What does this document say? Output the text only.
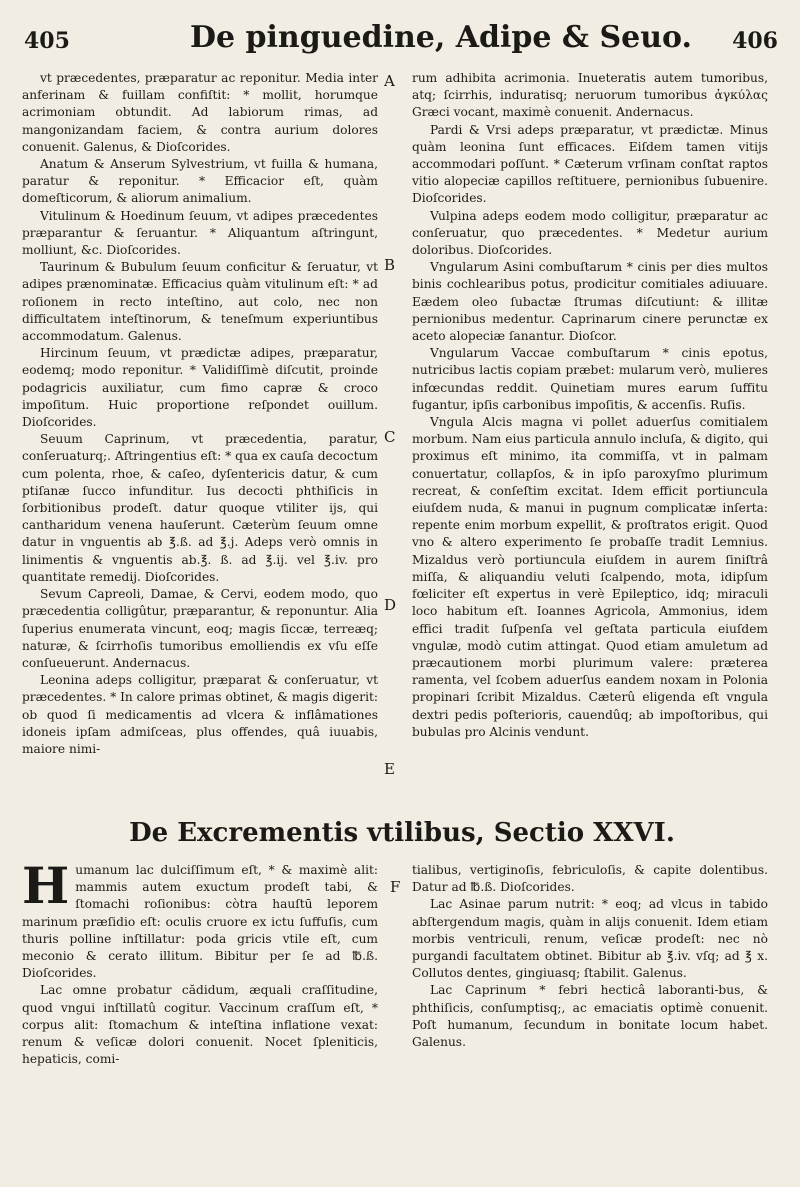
405	De pinguedine, Adipe & Seuo. 406
A
B
C
D
E

vt præcedentes, præparatur ac reponitur. Media inter anferinam & fuillam confiſtit: * mollit, horumque acrimoniam obtundit. Ad labiorum rimas, ad mangonizandam faciem, & contra aurium dolores conuenit. Galenus, & Dioſcorides.

Anatum & Anserum Sylvestrium, vt fuilla & humana, paratur & reponitur. * Efficacior eſt, quàm domeſticorum, & aliorum animalium.

Vitulinum & Hoedinum ſeuum, vt adipes præcedentes præparantur & ſeruantur. * Aliquantum aſtringunt, molliunt, &c. Dioſcorides.

Taurinum & Bubulum ſeuum conficitur & ſeruatur, vt adipes prænominatæ. Efficacius quàm vitulinum eſt: * ad roſionem in recto inteſtino, aut colo, nec non difficultatem inteſtinorum, & teneſmum experiuntibus accommodatum. Galenus.

Hircinum ſeuum, vt prædictæ adipes, præparatur, eodemq; modo reponitur. * Validiſſimè diſcutit, proinde podagricis auxiliatur, cum fimo capræ & croco impoſitum. Huic proportione reſpondet ouillum. Dioſcorides.

Seuum Caprinum, vt præcedentia, paratur, conſeruaturq;. Aſtringentius eſt: * qua ex cauſa decoctum cum polenta, rhoe, & caſeo, dyſentericis datur, & cum ptiſanæ ſucco infunditur. Ius decocti phthiſicis in ſorbitionibus prodeſt. datur quoque vtiliter ijs, qui cantharidum venena hauſerunt. Cæterùm ſeuum omne datur in vnguentis ab ℥.ß. ad ℥.j. Adeps verò omnis in linimentis & vnguentis ab.℥. ß. ad ℥.ij. vel ℥.iv. pro quantitate remedij. Dioſcorides.

Sevum Capreoli, Damae, & Cervi, eodem modo, quo præcedentia colligûtur, præparantur, & reponuntur. Alia ſuperius enumerata vincunt, eoq; magis ſiccæ, terreæq; naturæ, & ſcirrhoſis tumoribus emolliendis ex vſu eſſe conſueuerunt. Andernacus.

Leonina adeps colligitur, præparat & conſeruatur, vt præcedentes. * In calore primas obtinet, & magis digerit: ob quod ſi medicamentis ad vlcera & inflâmationes idoneis ipſam admiſceas, plus offendes, quâ iuuabis, maiore nimi-

rum adhibita acrimonia. Inueteratis autem tumoribus, atq; ſcirrhis, induratisq; neruorum tumoribus ἀγκύλας Græci vocant, maximè conuenit. Andernacus.

Pardi & Vrsi adeps præparatur, vt prædictæ. Minus quàm leonina ſunt efficaces. Eiſdem tamen vitijs accommodari poſſunt. * Cæterum vrſinam conſtat raptos vitio alopeciæ capillos reſtituere, pernionibus ſubuenire. Dioſcorides.

Vulpina adeps eodem modo colligitur, præparatur ac conſeruatur, quo præcedentes. * Medetur aurium doloribus. Dioſcorides.

Vngularum Asini combuſtarum * cinis per dies multos binis cochlearibus potus, prodicitur comitiales adiuuare. Eædem oleo ſubactæ ſtrumas diſcutiunt: & illitæ pernionibus medentur. Caprinarum cinere perunctæ ex aceto alopeciæ ſanantur. Dioſcor.

Vngularum Vaccae combuſtarum * cinis epotus, nutricibus lactis copiam præbet: mularum verò, mulieres infœcundas reddit. Quinetiam mures earum ſuffitu fugantur, ipſis carbonibus impoſitis, & accenſis. Ruſis.

Vngula Alcis magna vi pollet aduerſus comitialem morbum. Nam eius particula annulo incluſa, & digito, qui proximus eſt minimo, ita commiſſa, vt in palmam conuertatur, collapſos, & in ipſo paroxyſmo plurimum recreat, & conſeſtim excitat. Idem efficit portiuncula eiuſdem nuda, & manui in pugnum complicatæ inſerta: repente enim morbum expellit, & proſtratos erigit. Quod vno & altero experimento ſe probaſſe tradit Lemnius. Mizaldus verò portiuncula eiuſdem in aurem ſiniſtrâ miſſa, & aliquandiu veluti ſcalpendo, mota, idipſum fœliciter eſt expertus in verè Epileptico, idq; miraculi loco habitum eſt. Ioannes Agricola, Ammonius, idem effici tradit ſuſpenſa vel geſtata particula eiuſdem vngulæ, modò cutim attingat. Quod etiam amuletum ad præcautionem morbi plurimum valere: præterea ramenta, vel ſcobem aduerſus eandem noxam in Polonia propinari ſcribit Mizaldus. Cæterû eligenda eſt vngula dextri pedis poſterioris, cauendûq; ab impoſtoribus, qui bubulas pro Alcinis vendunt.

De Excrementis vtilibus, Sectio XXVI.
F

Humanum lac dulciſſimum eſt, * & maximè alit: mammis autem exuctum prodeſt tabi, & ſtomachi roſionibus: còtra hauſtū leporem marinum præſidio eſt: oculis cruore ex ictu ſuffuſis, cum thuris polline inſtillatur: poda gricis vtile eſt, cum meconio & cerato illitum. Bibitur per ſe ad ℔.ß. Dioſcorides.

Lac omne probatur cădidum, æquali craſſitudine, quod vngui inſtillatû cogitur. Vaccinum craſſum eſt, * corpus alit: ſtomachum & inteſtina inflatione vexat: renum & veſicæ dolori conuenit. Nocet ſpleniticis, hepaticis, comi-

tialibus, vertiginoſis, febriculoſis, & capite dolentibus. Datur ad ℔.ß. Dioſcorides.

Lac Asinae parum nutrit: * eoq; ad vlcus in tabido abſtergendum magis, quàm in alijs conuenit. Idem etiam morbis ventriculi, renum, veſicæ prodeſt: nec nò purgandi facultatem obtinet. Bibitur ab ℥.iv. vſq; ad ℥ x. Collutos dentes, gingiuasq; ſtabilit. Galenus.

Lac Caprinum * febri hecticâ laboranti-bus, & phthiſicis, conſumptisq;, ac emaciatis optimè conuenit. Poſt humanum, ſecundum in bonitate locum habet. Galenus.
